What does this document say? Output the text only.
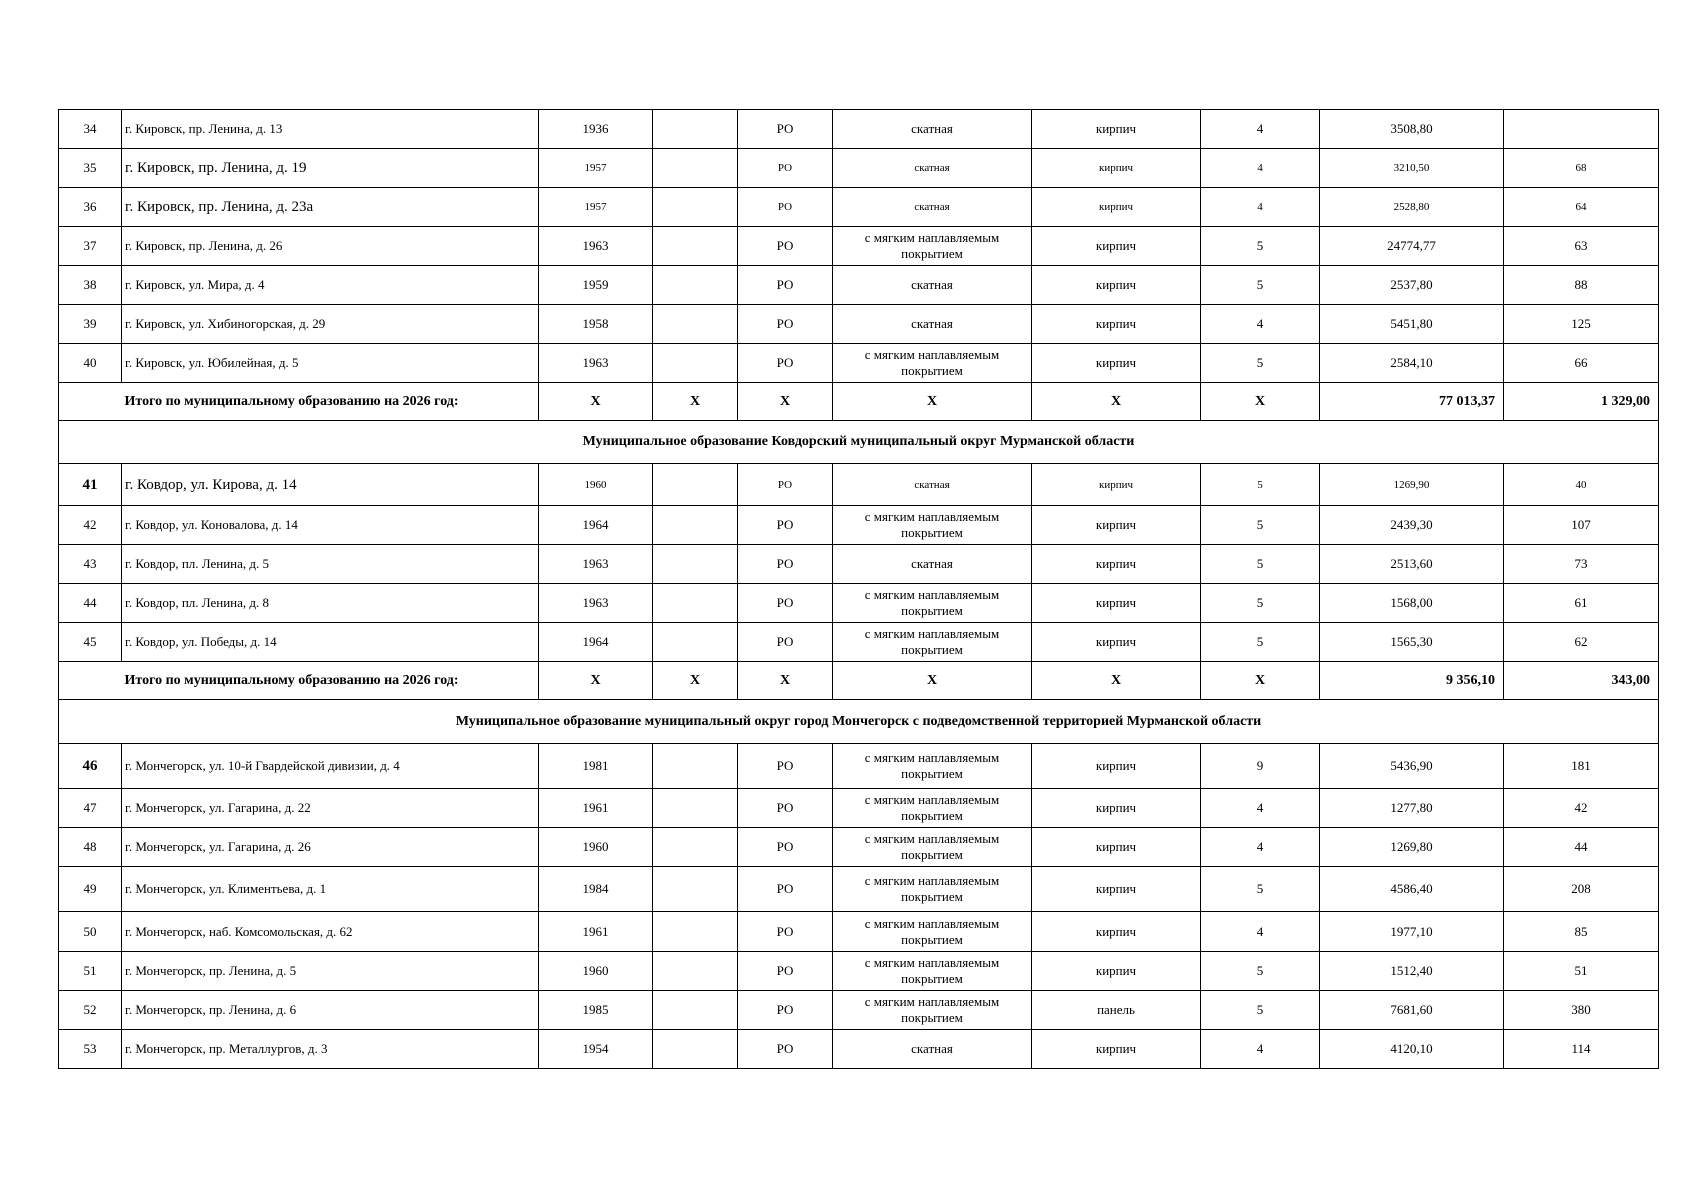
34	г. Кировск, пр. Ленина, д. 13	1936		РО	скатная	кирпич	4	3508,80	
35	г. Кировск, пр. Ленина, д. 19	1957		РО	скатная	кирпич	4	3210,50	68
36	г. Кировск, пр. Ленина, д. 23а	1957		РО	скатная	кирпич	4	2528,80	64
37	г. Кировск, пр. Ленина, д. 26	1963		РО	с мягким наплавляемым покрытием	кирпич	5	24774,77	63
38	г. Кировск, ул. Мира, д. 4	1959		РО	скатная	кирпич	5	2537,80	88
39	г. Кировск, ул. Хибиногорская, д. 29	1958		РО	скатная	кирпич	4	5451,80	125
40	г. Кировск, ул. Юбилейная, д. 5	1963		РО	с мягким наплавляемым покрытием	кирпич	5	2584,10	66
	Итого по муниципальному образованию на 2026 год:	Х	Х	Х	Х	Х	Х	77 013,37	1 329,00
Муниципальное образование Ковдорский муниципальный округ Мурманской области									
41	г. Ковдор, ул. Кирова, д. 14	1960		РО	скатная	кирпич	5	1269,90	40
42	г. Ковдор, ул. Коновалова, д. 14	1964		РО	с мягким наплавляемым покрытием	кирпич	5	2439,30	107
43	г. Ковдор, пл. Ленина, д. 5	1963		РО	скатная	кирпич	5	2513,60	73
44	г. Ковдор, пл. Ленина, д. 8	1963		РО	с мягким наплавляемым покрытием	кирпич	5	1568,00	61
45	г. Ковдор, ул. Победы, д. 14	1964		РО	с мягким наплавляемым покрытием	кирпич	5	1565,30	62
	Итого по муниципальному образованию на 2026 год:	Х	Х	Х	Х	Х	Х	9 356,10	343,00
Муниципальное образование муниципальный округ город Мончегорск с подведомственной территорией Мурманской области									
46	г. Мончегорск, ул. 10-й Гвардейской дивизии, д. 4	1981		РО	с мягким наплавляемым покрытием	кирпич	9	5436,90	181
47	г. Мончегорск, ул. Гагарина, д. 22	1961		РО	с мягким наплавляемым покрытием	кирпич	4	1277,80	42
48	г. Мончегорск, ул. Гагарина, д. 26	1960		РО	с мягким наплавляемым покрытием	кирпич	4	1269,80	44
49	г. Мончегорск, ул. Климентьева, д. 1	1984		РО	с мягким наплавляемым покрытием	кирпич	5	4586,40	208
50	г. Мончегорск, наб. Комсомольская, д. 62	1961		РО	с мягким наплавляемым покрытием	кирпич	4	1977,10	85
51	г. Мончегорск, пр. Ленина, д. 5	1960		РО	с мягким наплавляемым покрытием	кирпич	5	1512,40	51
52	г. Мончегорск, пр. Ленина, д. 6	1985		РО	с мягким наплавляемым покрытием	панель	5	7681,60	380
53	г. Мончегорск, пр. Металлургов, д. 3	1954		РО	скатная	кирпич	4	4120,10	114
